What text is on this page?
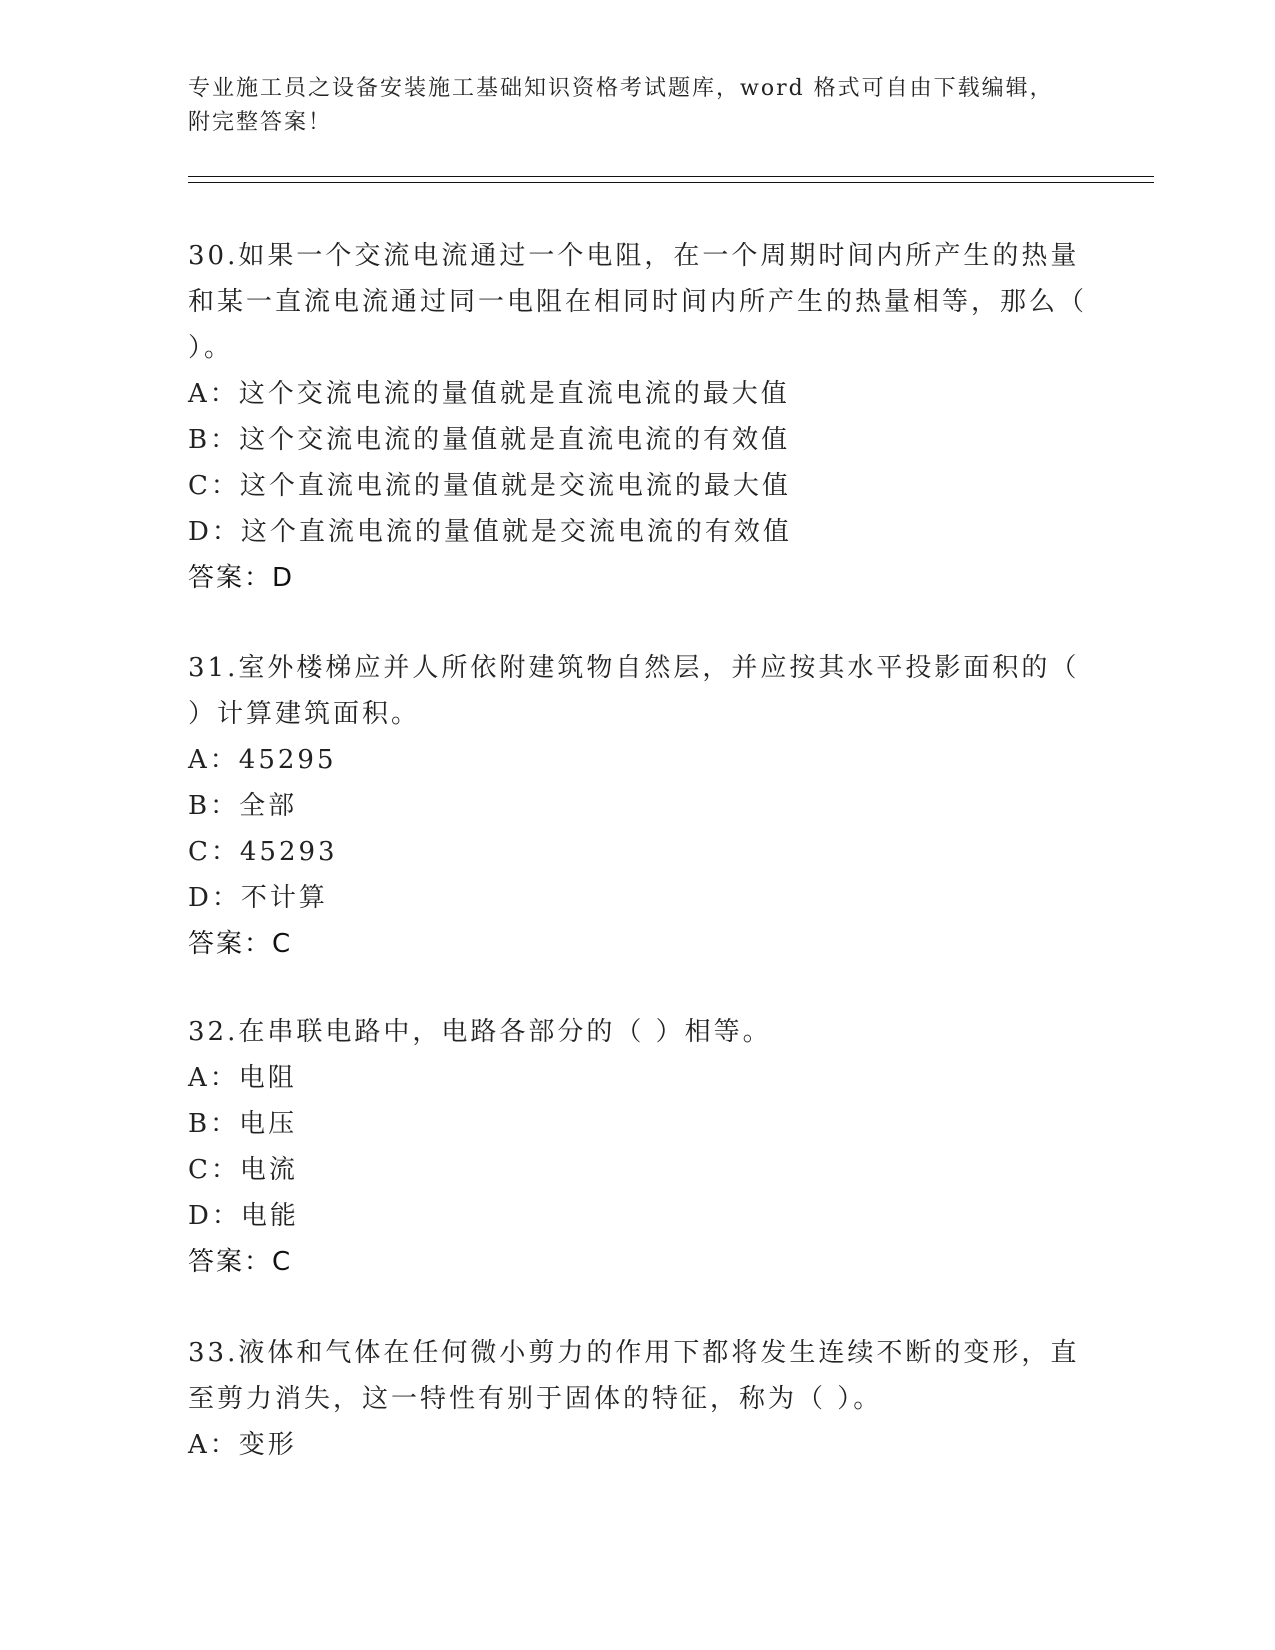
专业施工员之设备安装施工基础知识资格考试题库，word 格式可自由下载编辑，
附完整答案！

30.如果一个交流电流通过一个电阻，在一个周期时间内所产生的热量和某一直流电流通过同一电阻在相同时间内所产生的热量相等，那么（ ）。

A：这个交流电流的量值就是直流电流的最大值

B：这个交流电流的量值就是直流电流的有效值

C：这个直流电流的量值就是交流电流的最大值

D：这个直流电流的量值就是交流电流的有效值

答案：D

31.室外楼梯应并人所依附建筑物自然层，并应按其水平投影面积的（ ）计算建筑面积。

A：45295

B：全部

C：45293

D：不计算

答案：C

32.在串联电路中，电路各部分的（ ）相等。

A：电阻

B：电压

C：电流

D：电能

答案：C

33.液体和气体在任何微小剪力的作用下都将发生连续不断的变形，直至剪力消失，这一特性有别于固体的特征，称为（ ）。

A：变形
